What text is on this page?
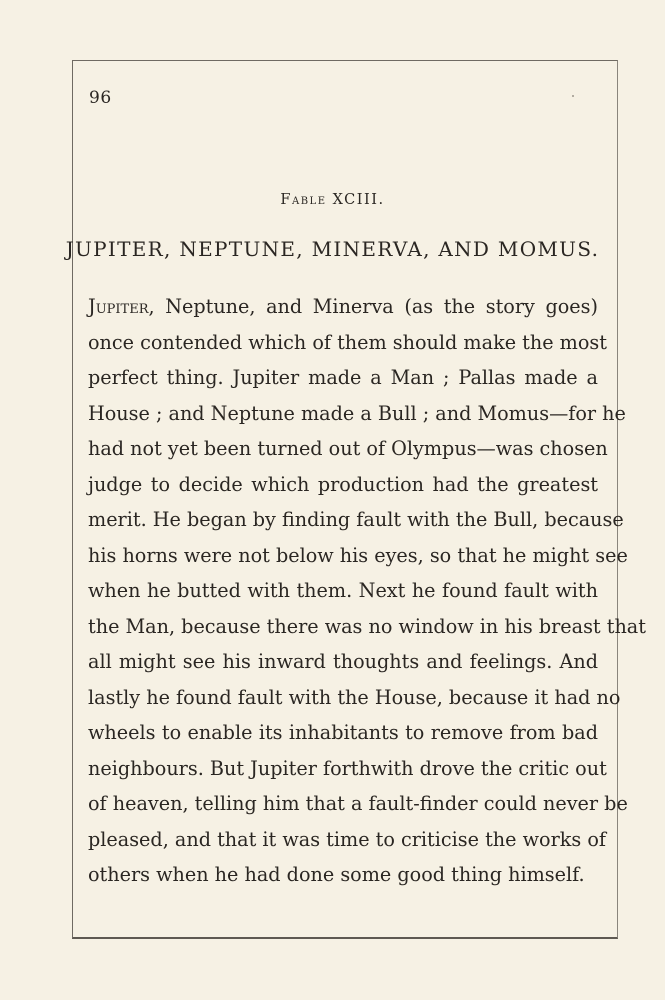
96
Fable XCIII.
JUPITER, NEPTUNE, MINERVA, AND MOMUS.
Jupiter, Neptune, and Minerva (as the story goes)
once contended which of them should make the most
perfect thing. Jupiter made a Man ; Pallas made a
House ; and Neptune made a Bull ; and Momus—for he
had not yet been turned out of Olympus—was chosen
judge to decide which production had the greatest
merit. He began by finding fault with the Bull, because
his horns were not below his eyes, so that he might see
when he butted with them. Next he found fault with
the Man, because there was no window in his breast that
all might see his inward thoughts and feelings. And
lastly he found fault with the House, because it had no
wheels to enable its inhabitants to remove from bad
neighbours. But Jupiter forthwith drove the critic out
of heaven, telling him that a fault-finder could never be
pleased, and that it was time to criticise the works of
others when he had done some good thing himself.
